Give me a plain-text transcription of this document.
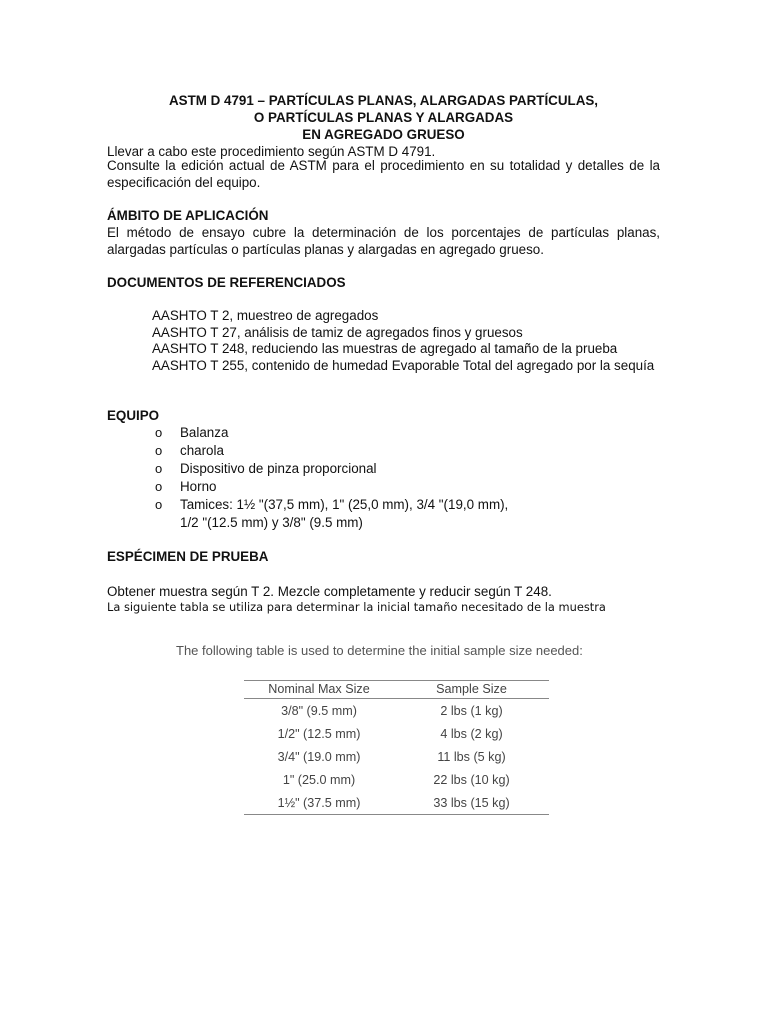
ASTM D 4791 – PARTÍCULAS PLANAS, ALARGADAS PARTÍCULAS,
O PARTÍCULAS PLANAS Y ALARGADAS
EN AGREGADO GRUESO
Llevar a cabo este procedimiento según ASTM D 4791.
Consulte la edición actual de ASTM para el procedimiento en su totalidad y detalles de la especificación del equipo.
ÁMBITO DE APLICACIÓN
El método de ensayo cubre la determinación de los porcentajes de partículas planas, alargadas partículas o partículas planas y alargadas en agregado grueso.
DOCUMENTOS DE REFERENCIADOS
AASHTO T 2, muestreo de agregados
AASHTO T 27, análisis de tamiz de agregados finos y gruesos
AASHTO T 248, reduciendo las muestras de agregado al tamaño de la prueba
AASHTO T 255, contenido de humedad Evaporable Total del agregado por la sequía
EQUIPO
o Balanza
o charola
o Dispositivo de pinza proporcional
o Horno
o Tamices: 1½ "(37,5 mm), 1" (25,0 mm), 3/4 "(19,0 mm),
1/2 "(12.5 mm) y 3/8" (9.5 mm)
ESPÉCIMEN DE PRUEBA
Obtener muestra según T 2. Mezcle completamente y reducir según T 248.
La siguiente tabla se utiliza para determinar la inicial tamaño necesitado de la muestra
The following table is used to determine the initial sample size needed:
Nominal Max Size	Sample Size
3/8" (9.5 mm)	2 lbs (1 kg)
1/2" (12.5 mm)	4 lbs (2 kg)
3/4" (19.0 mm)	11 lbs (5 kg)
1" (25.0 mm)	22 lbs (10 kg)
1½" (37.5 mm)	33 lbs (15 kg)
